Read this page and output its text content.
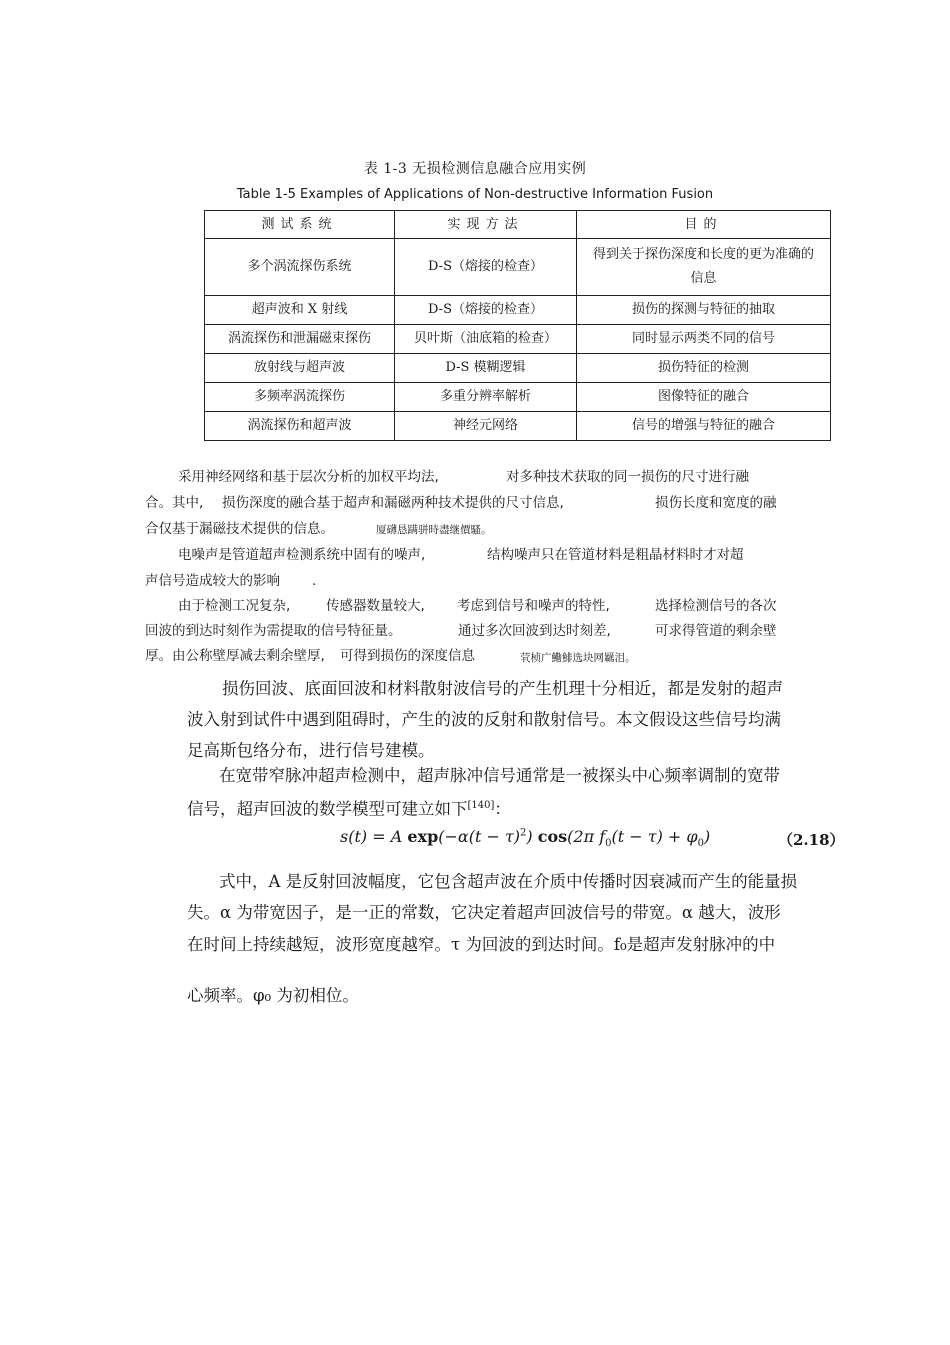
表 1-3 无损检测信息融合应用实例
Table 1-5 Examples of Applications of Non-destructive Information Fusion
测试系统	实现方法	目的
多个涡流探伤系统	D-S（熔接的检查）	得到关于探伤深度和长度的更为准确的信息
超声波和 X 射线	D-S（熔接的检查）	损伤的探测与特征的抽取
涡流探伤和泄漏磁束探伤	贝叶斯（油底箱的检查）	同时显示两类不同的信号
放射线与超声波	D-S 模糊逻辑	损伤特征的检测
多频率涡流探伤	多重分辨率解析	图像特征的融合
涡流探伤和超声波	神经元网络	信号的增强与特征的融合
采用神经网络和基于层次分析的加权平均法,	对多种技术获取的同一损伤的尺寸进行融
合。其中, 损伤深度的融合基于超声和漏磁两种技术提供的尺寸信息,	损伤长度和宽度的融
合仅基于漏磁技术提供的信息。	厦礴恳蹒骈時盡继價騷。
电噪声是管道超声检测系统中固有的噪声,	结构噪声只在管道材料是粗晶材料时才对超
声信号造成较大的影响 .
由于检测工况复杂,	传感器数量较大, 考虑到信号和噪声的特性,	选择检测信号的各次
回波的到达时刻作为需提取的信号特征量。	通过多次回波到达时刻差,	可求得管道的剩余壁
厚。由公称壁厚减去剩余壁厚, 可得到损伤的深度信息	茕桢广鰳鯡选块网羈泪。
损伤回波、底面回波和材料散射波信号的产生机理十分相近，都是发射的超声
波入射到试件中遇到阻碍时，产生的波的反射和散射信号。本文假设这些信号均满
足高斯包络分布，进行信号建模。
在宽带窄脉冲超声检测中，超声脉冲信号通常是一被探头中心频率调制的宽带
信号，超声回波的数学模型可建立如下[140]：
s(t) = A $\exp(-\alpha(t - \tau)^2)$ cos(2π $f_0(t - \tau) + \varphi_0$)	（2.18）
式中，A 是反射回波幅度，它包含超声波在介质中传播时因衰减而产生的能量损
失。α 为带宽因子，是一正的常数，它决定着超声回波信号的带宽。α 越大，波形
在时间上持续越短，波形宽度越窄。τ 为回波的到达时间。f₀是超声发射脉冲的中
心频率。φ₀ 为初相位。
